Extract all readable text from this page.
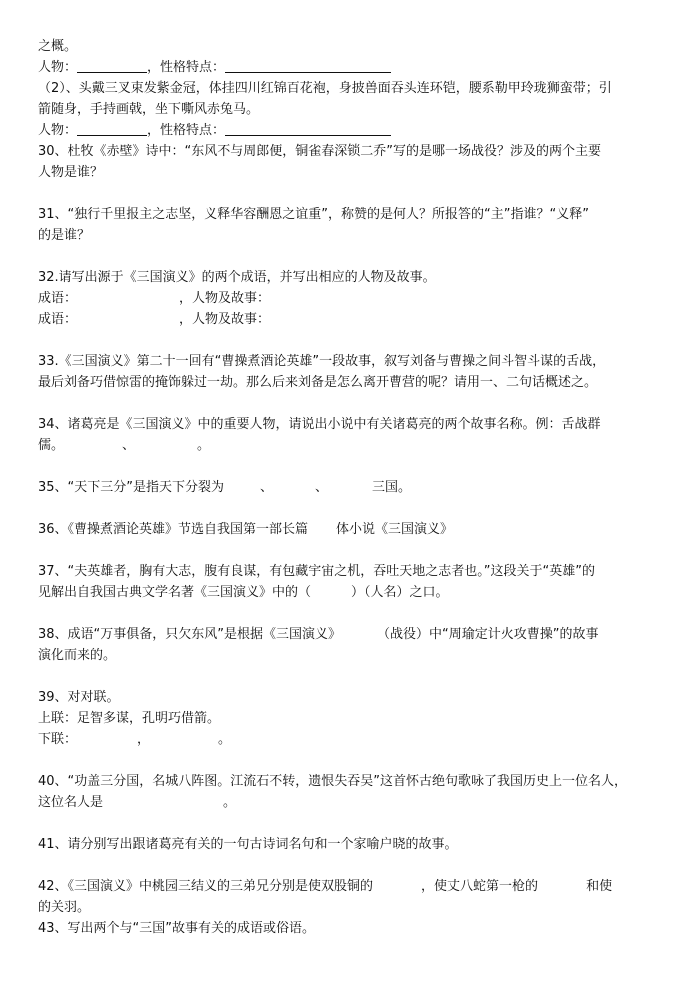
之概。
人物：	，性格特点：
（2）、头戴三叉束发紫金冠，体挂四川红锦百花袍，身披兽面吞头连环铠，腰系勒甲玲珑狮蛮带；引
箭随身，手持画戟，坐下嘶风赤兔马。
人物：	，性格特点：
30、杜牧《赤壁》诗中：“东风不与周郎便，铜雀春深锁二乔”写的是哪一场战役？涉及的两个主要
人物是谁？
31、“独行千里报主之志坚，义释华容酬恩之谊重”，称赞的是何人？所报答的“主”指谁？“义释”
的是谁？
32.请写出源于《三国演义》的两个成语，并写出相应的人物及故事。
成语：	，人物及故事：
成语：	，人物及故事：
33.《三国演义》第二十一回有“曹操煮酒论英雄”一段故事，叙写刘备与曹操之间斗智斗谋的舌战，
最后刘备巧借惊雷的掩饰躲过一劫。那么后来刘备是怎么离开曹营的呢？请用一、二句话概述之。
34、诸葛亮是《三国演义》中的重要人物，请说出小说中有关诸葛亮的两个故事名称。例：舌战群
儒。	、	。
35、“天下三分”是指天下分裂为	、	、	三国。
36、《曹操煮酒论英雄》节选自我国第一部长篇 体小说《三国演义》
37、“夫英雄者，胸有大志，腹有良谋，有包藏宇宙之机，吞吐天地之志者也。”这段关于“英雄”的
见解出自我国古典文学名著《三国演义》中的（	）（人名）之口。
38、成语“万事俱备，只欠东风”是根据《三国演义》	（战役）中“周瑜定计火攻曹操”的故事
演化而来的。
39、对对联。
上联：足智多谋，孔明巧借箭。
下联：	，	。
40、“功盖三分国，名城八阵图。江流石不转，遗恨失吞吴”这首怀古绝句歌咏了我国历史上一位名人，
这位名人是	。
41、请分别写出跟诸葛亮有关的一句古诗词名句和一个家喻户晓的故事。
42、《三国演义》中桃园三结义的三弟兄分别是使双股铜的	，使丈八蛇第一枪的	和使
的关羽。
43、写出两个与“三国”故事有关的成语或俗语。
